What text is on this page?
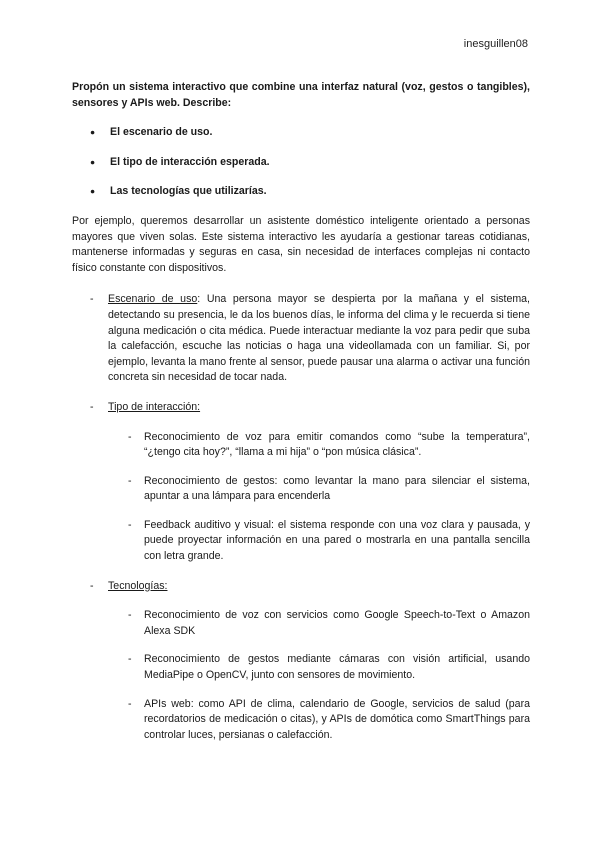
inesguillen08

Propón un sistema interactivo que combine una interfaz natural (voz, gestos o tangibles), sensores y APIs web. Describe:

● El escenario de uso.
● El tipo de interacción esperada.
● Las tecnologías que utilizarías.

Por ejemplo, queremos desarrollar un asistente doméstico inteligente orientado a personas mayores que viven solas. Este sistema interactivo les ayudaría a gestionar tareas cotidianas, mantenerse informadas y seguras en casa, sin necesidad de interfaces complejas ni contacto físico constante con dispositivos.

- Escenario de uso: Una persona mayor se despierta por la mañana y el sistema, detectando su presencia, le da los buenos días, le informa del clima y le recuerda si tiene alguna medicación o cita médica. Puede interactuar mediante la voz para pedir que suba la calefacción, escuche las noticias o haga una videollamada con un familiar. Si, por ejemplo, levanta la mano frente al sensor, puede pausar una alarma o activar una función concreta sin necesidad de tocar nada.
- Tipo de interacción:
- Reconocimiento de voz para emitir comandos como “sube la temperatura”, “¿tengo cita hoy?”, “llama a mi hija” o “pon música clásica”.
- Reconocimiento de gestos: como levantar la mano para silenciar el sistema, apuntar a una lámpara para encenderla
- Feedback auditivo y visual: el sistema responde con una voz clara y pausada, y puede proyectar información en una pared o mostrarla en una pantalla sencilla con letra grande.
- Tecnologías:
- Reconocimiento de voz con servicios como Google Speech-to-Text o Amazon Alexa SDK
- Reconocimiento de gestos mediante cámaras con visión artificial, usando MediaPipe o OpenCV, junto con sensores de movimiento.
- APIs web: como API de clima, calendario de Google, servicios de salud (para recordatorios de medicación o citas), y APIs de domótica como SmartThings para controlar luces, persianas o calefacción.
